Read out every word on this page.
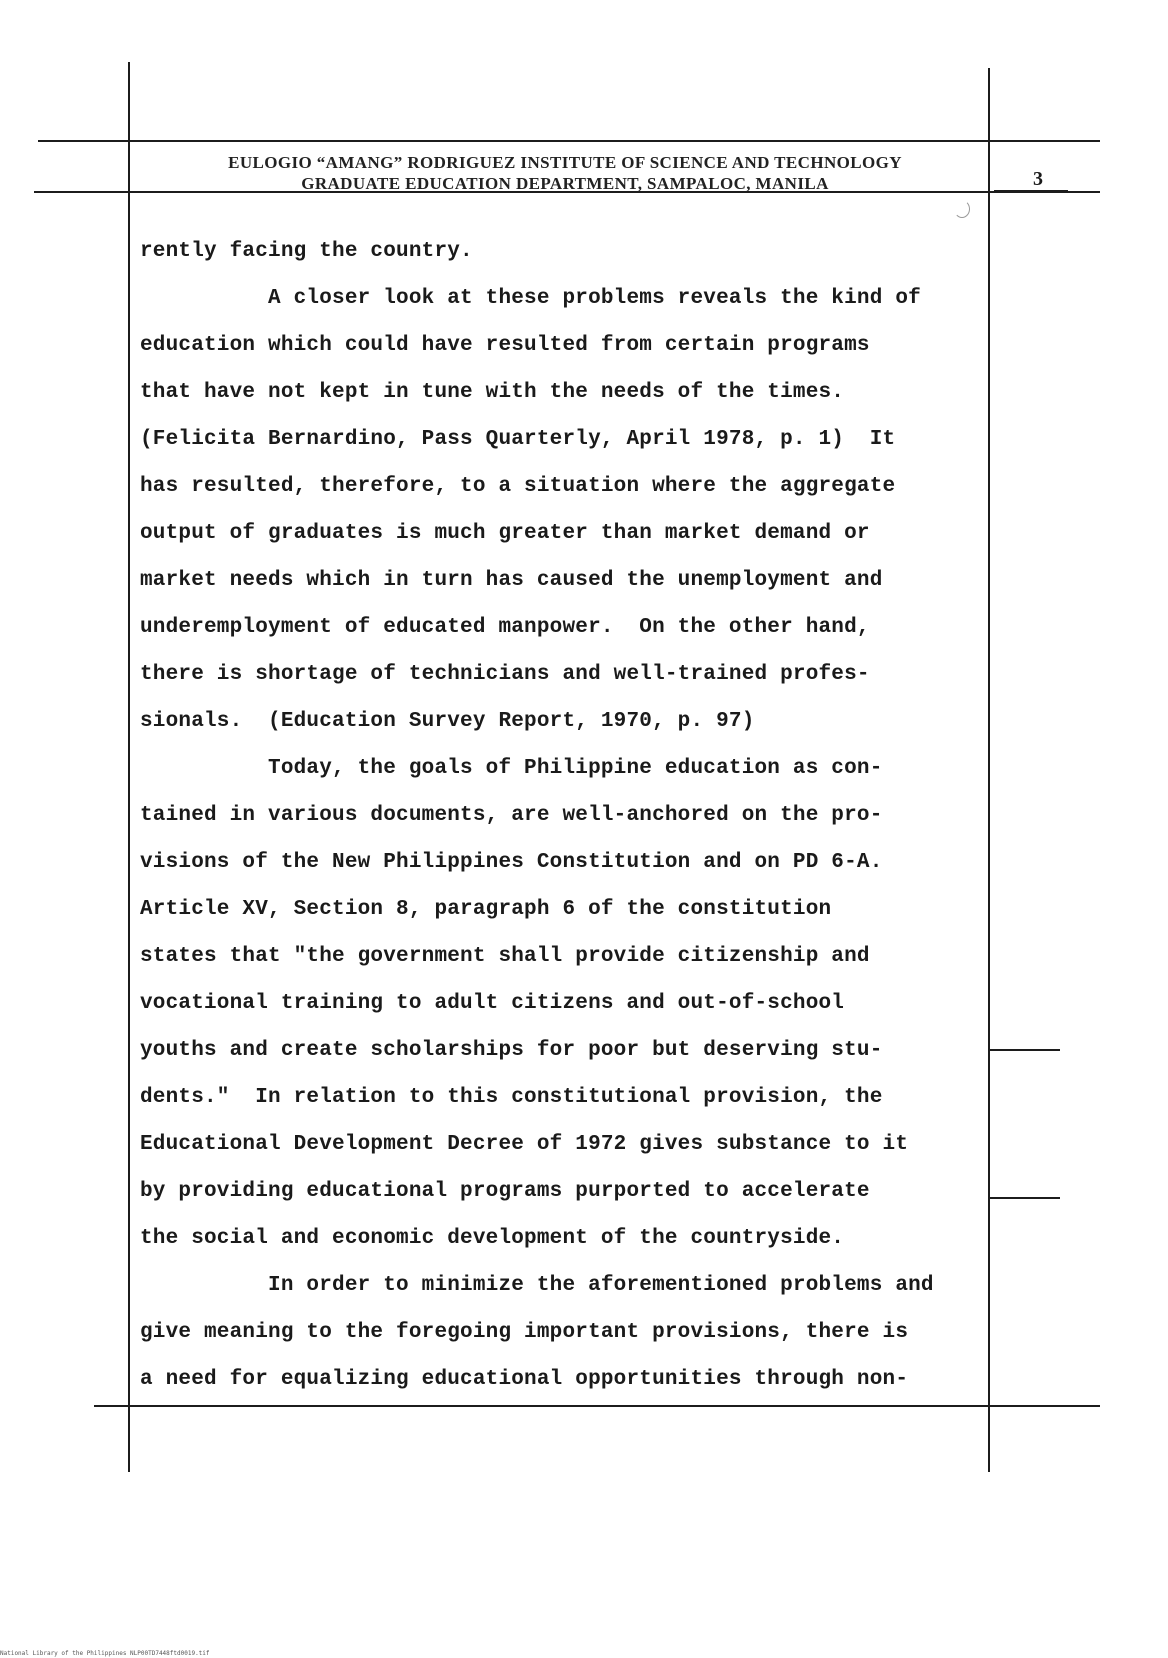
EULOGIO “AMANG” RODRIGUEZ INSTITUTE OF SCIENCE AND TECHNOLOGY
GRADUATE EDUCATION DEPARTMENT, SAMPALOC, MANILA	3
rently facing the country.
A closer look at these problems reveals the kind of
education which could have resulted from certain programs
that have not kept in tune with the needs of the times.
(Felicita Bernardino, Pass Quarterly, April 1978, p. 1)  It
has resulted, therefore, to a situation where the aggregate
output of graduates is much greater than market demand or
market needs which in turn has caused the unemployment and
underemployment of educated manpower.  On the other hand,
there is shortage of technicians and well-trained profes-
sionals.  (Education Survey Report, 1970, p. 97)
Today, the goals of Philippine education as con-
tained in various documents, are well-anchored on the pro-
visions of the New Philippines Constitution and on PD 6-A.
Article XV, Section 8, paragraph 6 of the constitution
states that "the government shall provide citizenship and
vocational training to adult citizens and out-of-school
youths and create scholarships for poor but deserving stu-
dents."  In relation to this constitutional provision, the
Educational Development Decree of 1972 gives substance to it
by providing educational programs purported to accelerate
the social and economic development of the countryside.
In order to minimize the aforementioned problems and
give meaning to the foregoing important provisions, there is
a need for equalizing educational opportunities through non-
National Library of the Philippines NLP00TD7448ftd0019.tif
